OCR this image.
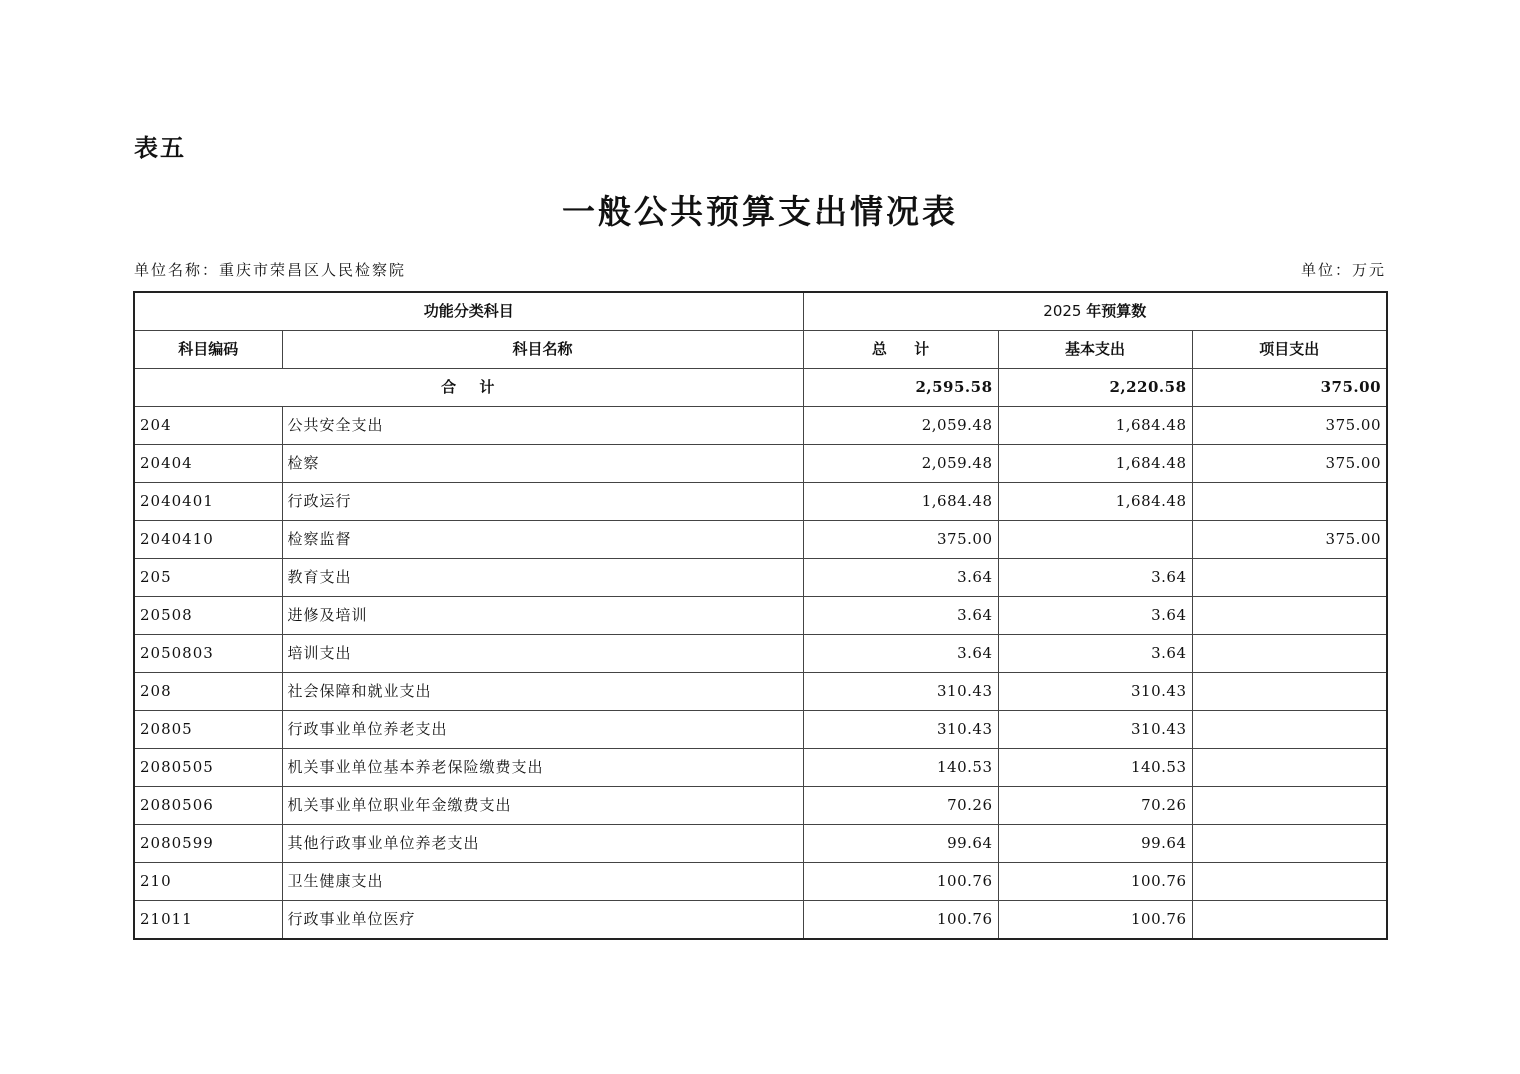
表五
一般公共预算支出情况表
单位名称：重庆市荣昌区人民检察院	单位：万元
功能分类科目		2025 年预算数		
科目编码	科目名称	总 计	基本支出	项目支出
合 计		2,595.58	2,220.58	375.00
204	公共安全支出	2,059.48	1,684.48	375.00
20404	检察	2,059.48	1,684.48	375.00
2040401	行政运行	1,684.48	1,684.48	
2040410	检察监督	375.00		375.00
205	教育支出	3.64	3.64	
20508	进修及培训	3.64	3.64	
2050803	培训支出	3.64	3.64	
208	社会保障和就业支出	310.43	310.43	
20805	行政事业单位养老支出	310.43	310.43	
2080505	机关事业单位基本养老保险缴费支出	140.53	140.53	
2080506	机关事业单位职业年金缴费支出	70.26	70.26	
2080599	其他行政事业单位养老支出	99.64	99.64	
210	卫生健康支出	100.76	100.76	
21011	行政事业单位医疗	100.76	100.76	
